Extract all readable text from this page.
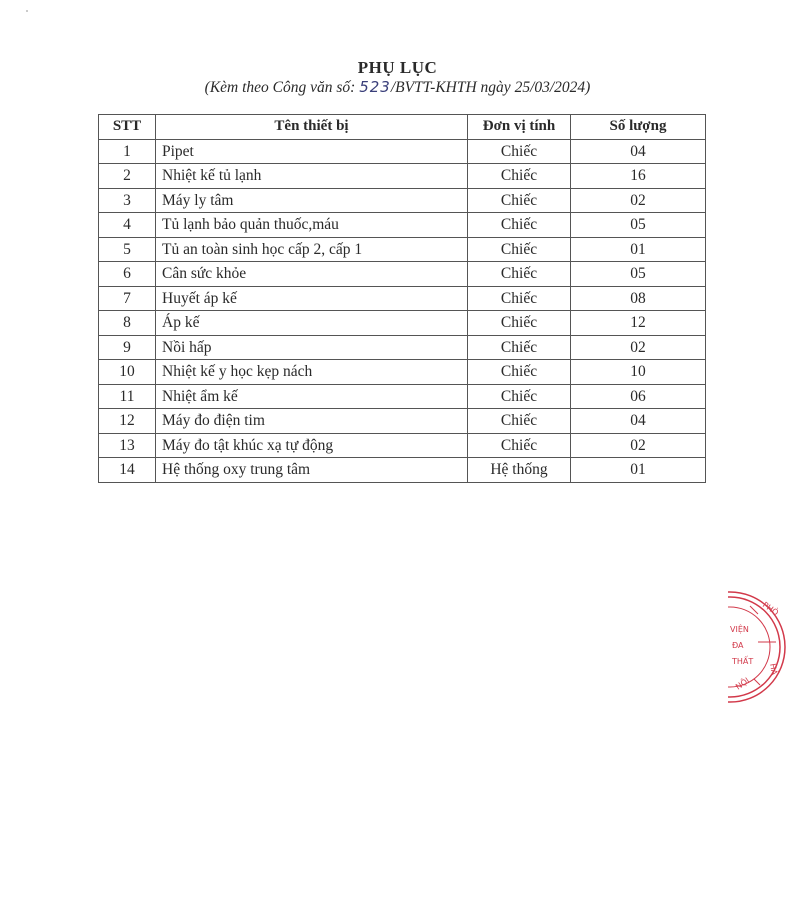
PHỤ LỤC
(Kèm theo Công văn số: 523/BVTT-KHTH ngày 25/03/2024)
STT	Tên thiết bị	Đơn vị tính	Số lượng
1	Pipet	Chiếc	04
2	Nhiệt kế tủ lạnh	Chiếc	16
3	Máy ly tâm	Chiếc	02
4	Tủ lạnh bảo quản thuốc,máu	Chiếc	05
5	Tủ an toàn sinh học cấp 2, cấp 1	Chiếc	01
6	Cân sức khỏe	Chiếc	05
7	Huyết áp kế	Chiếc	08
8	Áp kế	Chiếc	12
9	Nồi hấp	Chiếc	02
10	Nhiệt kế y học kẹp nách	Chiếc	10
11	Nhiệt ẩm kế	Chiếc	06
12	Máy đo điện tim	Chiếc	04
13	Máy đo tật khúc xạ tự động	Chiếc	02
14	Hệ thống oxy trung tâm	Hệ thống	01
PHÒ
VIỆN
ĐA
THẤT
HÀ
NỘI
